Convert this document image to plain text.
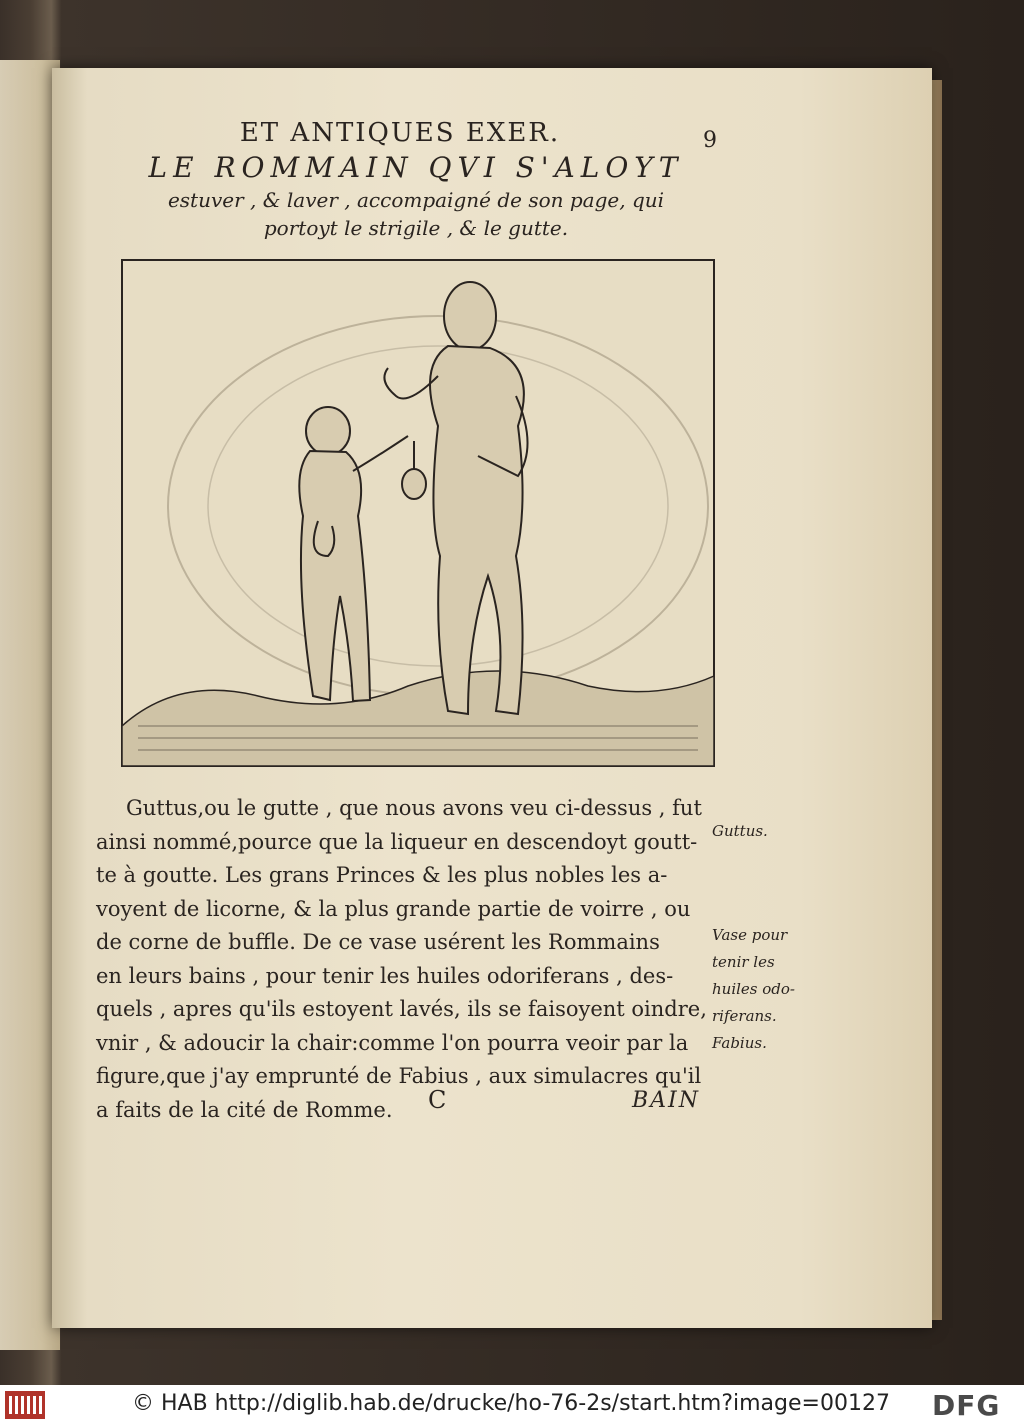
ET ANTIQUES EXER.	9
LE ROMMAIN QVI S'ALOYT
estuver , & laver , accompaigné de son page, qui
portoyt le strigile , & le gutte.

Guttus,ou le gutte , que nous avons veu ci-dessus , fut

ainsi nommé,pource que la liqueur en descendoyt goutt-

te à goutte. Les grans Princes & les plus nobles les a-

voyent de licorne, & la plus grande partie de voirre , ou

de corne de buffle. De ce vase usérent les Rommains

en leurs bains , pour tenir les huiles odoriferans , des-

quels , apres qu'ils estoyent lavés, ils se faisoyent oindre,

vnir , & adoucir la chair:comme l'on pourra veoir par la

figure,que j'ay emprunté de Fabius , aux simulacres qu'il

a faits de la cité de Romme.

Guttus.
Vase pour
tenir les
huiles odo-
riferans.
Fabius.
C	BAIN
© HAB http://diglib.hab.de/drucke/ho-76-2s/start.htm?image=00127 DFG
